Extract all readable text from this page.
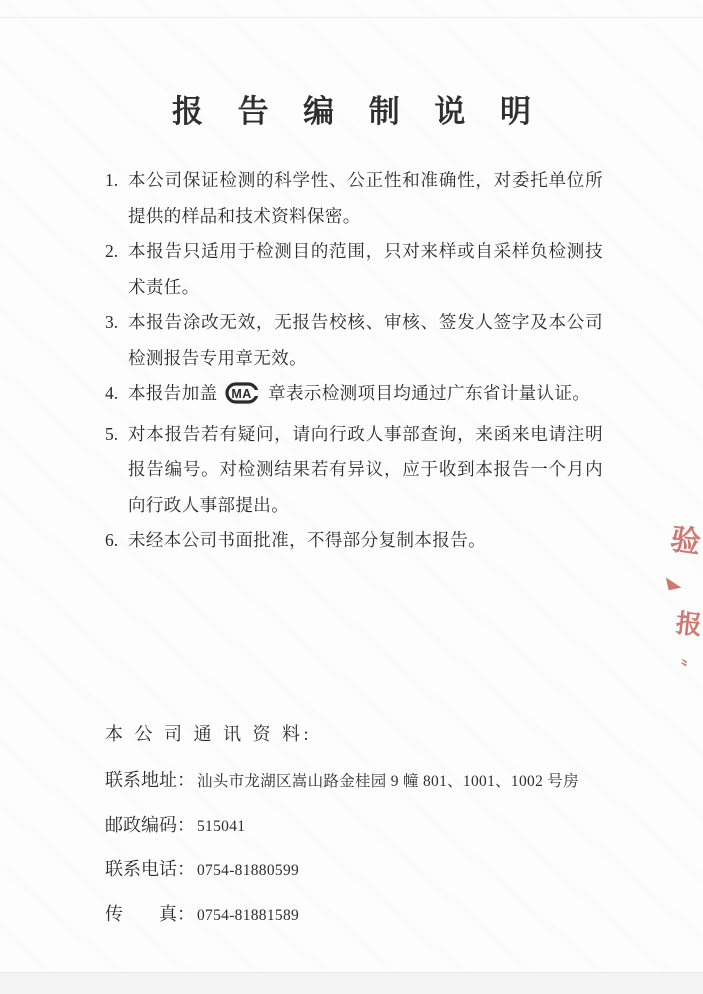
报 告 编 制 说 明
1. 本公司保证检测的科学性、公正性和准确性，对委托单位所提供的样品和技术资料保密。
2. 本报告只适用于检测目的范围，只对来样或自采样负检测技术责任。
3. 本报告涂改无效，无报告校核、审核、签发人签字及本公司检测报告专用章无效。
4. 本报告加盖 MA 章表示检测项目均通过广东省计量认证。
5. 对本报告若有疑问，请向行政人事部查询，来函来电请注明报告编号。对检测结果若有异议，应于收到本报告一个月内向行政人事部提出。
6. 未经本公司书面批准，不得部分复制本报告。
本 公 司 通 讯 资 料:
联系地址： 汕头市龙湖区嵩山路金桂园 9 幢 801、1001、1002 号房
邮政编码： 515041
联系电话： 0754-81880599
传　　真： 0754-81881589
验
◣
报
〟
